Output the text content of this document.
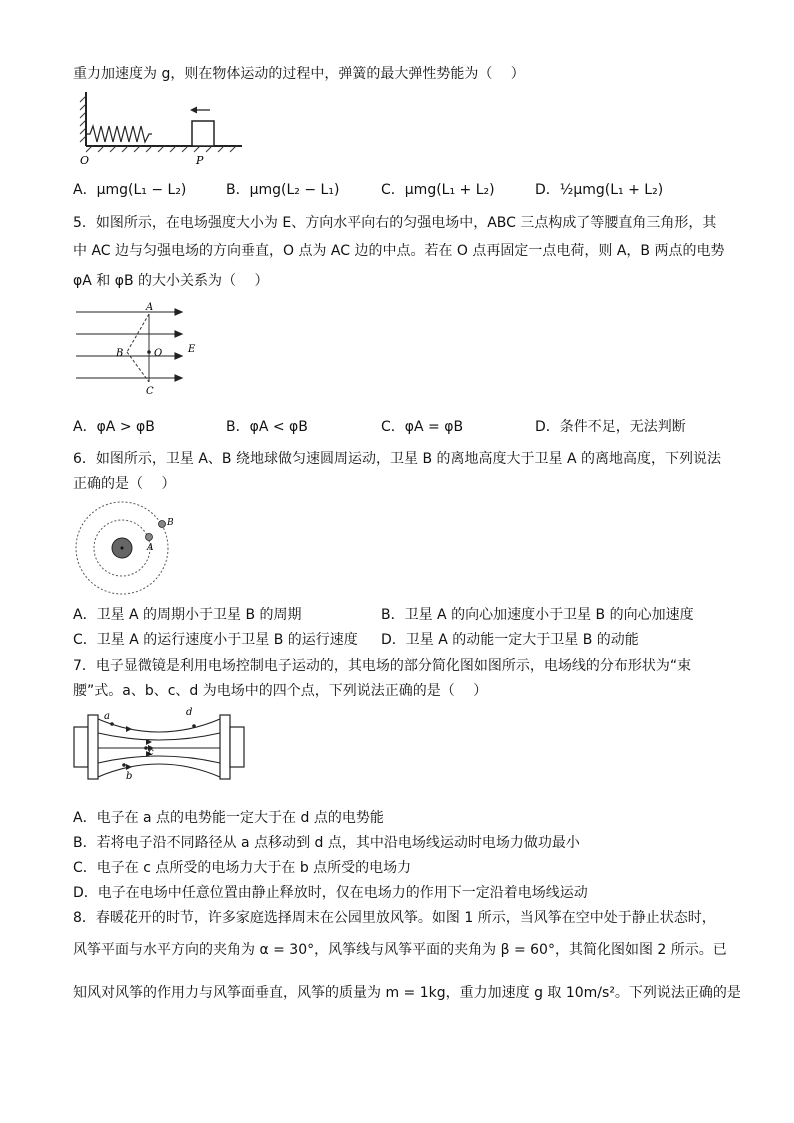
重力加速度为 g，则在物体运动的过程中，弹簧的最大弹性势能为（　 ）
O	P
A．μmg(L₁ − L₂)	B．μmg(L₂ − L₁)	C．μmg(L₁ + L₂)	D．½μmg(L₁ + L₂)
5．如图所示，在电场强度大小为 E、方向水平向右的匀强电场中，ABC 三点构成了等腰直角三角形，其
中 AC 边与匀强电场的方向垂直，O 点为 AC 边的中点。若在 O 点再固定一点电荷，则 A，B 两点的电势
φA 和 φB 的大小关系为（　 ）
A
B	O
C
E
A．φA > φB	B．φA < φB	C．φA = φB	D．条件不足，无法判断
6．如图所示，卫星 A、B 绕地球做匀速圆周运动，卫星 B 的离地高度大于卫星 A 的离地高度，下列说法
正确的是（　 ）
A
B
A．卫星 A 的周期小于卫星 B 的周期	B．卫星 A 的向心加速度小于卫星 B 的向心加速度
C．卫星 A 的运行速度小于卫星 B 的运行速度 D．卫星 A 的动能一定大于卫星 B 的动能
7．电子显微镜是利用电场控制电子运动的，其电场的部分简化图如图所示，电场线的分布形状为“束
腰”式。a、b、c、d 为电场中的四个点，下列说法正确的是（　 ）
a
c
b
d
A．电子在 a 点的电势能一定大于在 d 点的电势能
B．若将电子沿不同路径从 a 点移动到 d 点，其中沿电场线运动时电场力做功最小
C．电子在 c 点所受的电场力大于在 b 点所受的电场力
D．电子在电场中任意位置由静止释放时，仅在电场力的作用下一定沿着电场线运动
8．春暖花开的时节，许多家庭选择周末在公园里放风筝。如图 1 所示，当风筝在空中处于静止状态时，
风筝平面与水平方向的夹角为 α = 30°，风筝线与风筝平面的夹角为 β = 60°，其简化图如图 2 所示。已
知风对风筝的作用力与风筝面垂直，风筝的质量为 m = 1kg，重力加速度 g 取 10m/s²。下列说法正确的是
